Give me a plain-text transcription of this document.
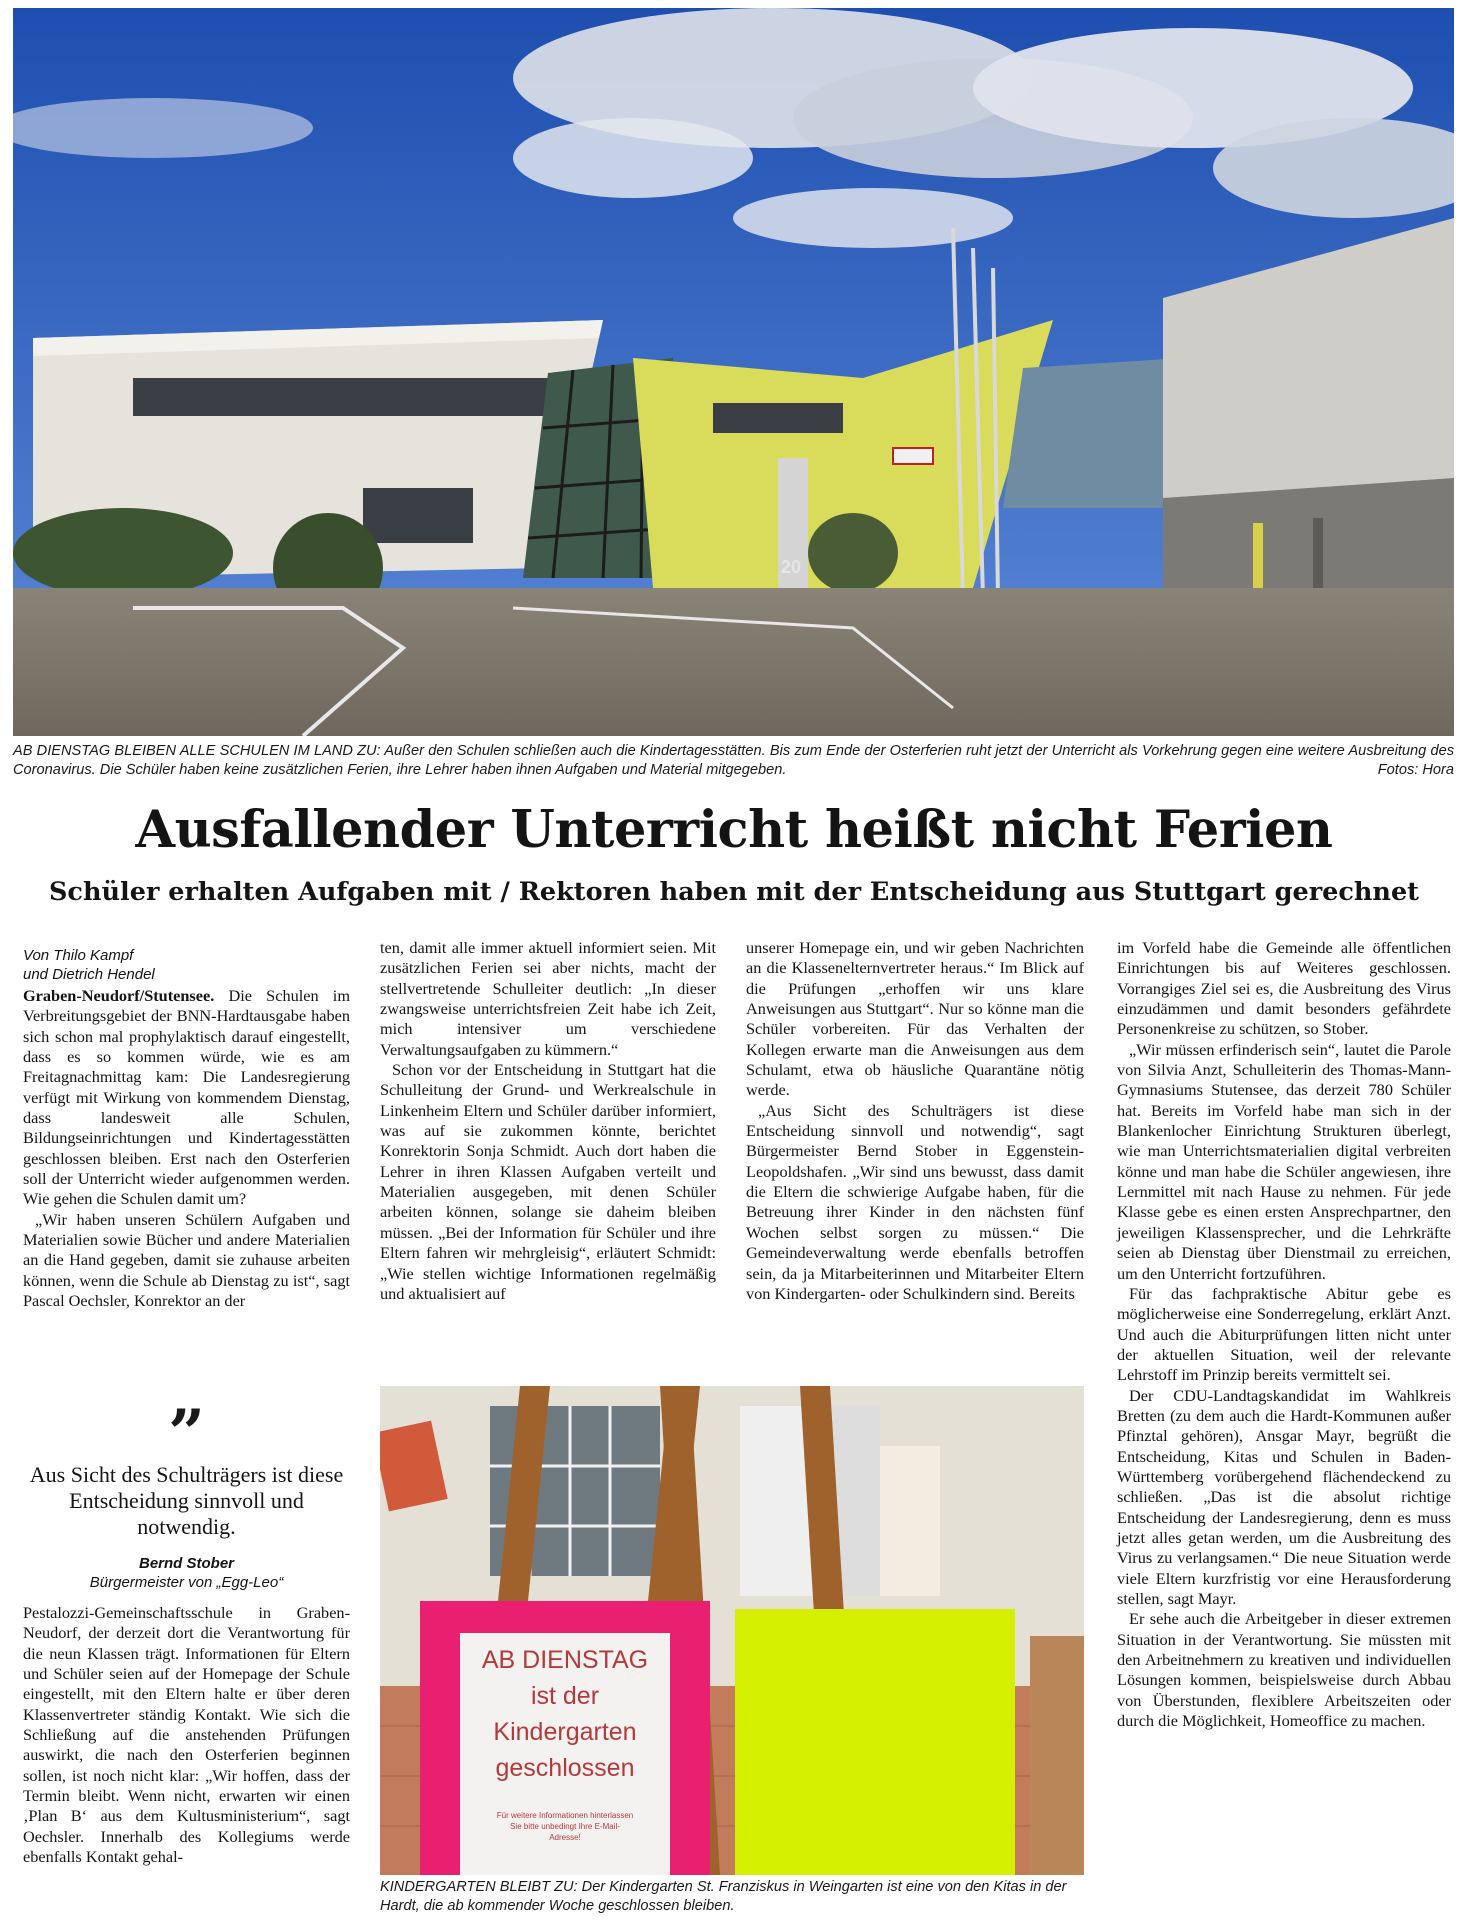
20
AB DIENSTAG BLEIBEN ALLE SCHULEN IM LAND ZU: Außer den Schulen schließen auch die Kindertagesstätten. Bis zum Ende der Osterferien ruht jetzt der Unterricht als Vorkehrung gegen eine weitere Ausbreitung des Coronavirus. Die Schüler haben keine zusätzlichen Ferien, ihre Lehrer haben ihnen Aufgaben und Material mitgegeben.	Fotos: Hora
Ausfallender Unterricht heißt nicht Ferien
Schüler erhalten Aufgaben mit / Rektoren haben mit der Entscheidung aus Stuttgart gerechnet
Von Thilo Kampf
und Dietrich Hendel

Graben-Neudorf/Stutensee. Die Schulen im Verbreitungsgebiet der BNN-Hardtausgabe haben sich schon mal prophylaktisch darauf eingestellt, dass es so kommen würde, wie es am Freitagnachmittag kam: Die Landesregierung verfügt mit Wirkung von kommendem Dienstag, dass landesweit alle Schulen, Bildungseinrichtungen und Kindertagesstätten geschlossen bleiben. Erst nach den Osterferien soll der Unterricht wieder aufgenommen werden. Wie gehen die Schulen damit um?

„Wir haben unseren Schülern Aufgaben und Materialien sowie Bücher und andere Materialien an die Hand gegeben, damit sie zuhause arbeiten können, wenn die Schule ab Dienstag zu ist“, sagt Pascal Oechsler, Konrektor an der

”
Aus Sicht des Schulträgers ist diese Entscheidung sinnvoll und notwendig.
Bernd Stober
Bürgermeister von „Egg-Leo“

Pestalozzi-Gemeinschaftsschule in Graben-Neudorf, der derzeit dort die Verantwortung für die neun Klassen trägt. Informationen für Eltern und Schüler seien auf der Homepage der Schule eingestellt, mit den Eltern halte er über deren Klassenvertreter ständig Kontakt. Wie sich die Schließung auf die anstehenden Prüfungen auswirkt, die nach den Osterferien beginnen sollen, ist noch nicht klar: „Wir hoffen, dass der Termin bleibt. Wenn nicht, erwarten wir einen ‚Plan B‘ aus dem Kultusministerium“, sagt Oechsler. Innerhalb des Kollegiums werde ebenfalls Kontakt gehal-

ten, damit alle immer aktuell informiert seien. Mit zusätzlichen Ferien sei aber nichts, macht der stellvertretende Schulleiter deutlich: „In dieser zwangsweise unterrichtsfreien Zeit habe ich Zeit, mich intensiver um verschiedene Verwaltungsaufgaben zu kümmern.“

Schon vor der Entscheidung in Stuttgart hat die Schulleitung der Grund- und Werkrealschule in Linkenheim Eltern und Schüler darüber informiert, was auf sie zukommen könnte, berichtet Konrektorin Sonja Schmidt. Auch dort haben die Lehrer in ihren Klassen Aufgaben verteilt und Materialien ausgegeben, mit denen Schüler arbeiten können, solange sie daheim bleiben müssen. „Bei der Information für Schüler und ihre Eltern fahren wir mehrgleisig“, erläutert Schmidt: „Wie stellen wichtige Informationen regelmäßig und aktualisiert auf

unserer Homepage ein, und wir geben Nachrichten an die Klassenelternvertreter heraus.“ Im Blick auf die Prüfungen „erhoffen wir uns klare Anweisungen aus Stuttgart“. Nur so könne man die Schüler vorbereiten. Für das Verhalten der Kollegen erwarte man die Anweisungen aus dem Schulamt, etwa ob häusliche Quarantäne nötig werde.

„Aus Sicht des Schulträgers ist diese Entscheidung sinnvoll und notwendig“, sagt Bürgermeister Bernd Stober in Eggenstein-Leopoldshafen. „Wir sind uns bewusst, dass damit die Eltern die schwierige Aufgabe haben, für die Betreuung ihrer Kinder in den nächsten fünf Wochen selbst sorgen zu müssen.“ Die Gemeindeverwaltung werde ebenfalls betroffen sein, da ja Mitarbeiterinnen und Mitarbeiter Eltern von Kindergarten- oder Schulkindern sind. Bereits

im Vorfeld habe die Gemeinde alle öffentlichen Einrichtungen bis auf Weiteres geschlossen. Vorrangiges Ziel sei es, die Ausbreitung des Virus einzudämmen und damit besonders gefährdete Personenkreise zu schützen, so Stober.

„Wir müssen erfinderisch sein“, lautet die Parole von Silvia Anzt, Schulleiterin des Thomas-Mann-Gymnasiums Stutensee, das derzeit 780 Schüler hat. Bereits im Vorfeld habe man sich in der Blankenlocher Einrichtung Strukturen überlegt, wie man Unterrichtsmaterialien digital verbreiten könne und man habe die Schüler angewiesen, ihre Lernmittel mit nach Hause zu nehmen. Für jede Klasse gebe es einen ersten Ansprechpartner, den jeweiligen Klassensprecher, und die Lehrkräfte seien ab Dienstag über Dienstmail zu erreichen, um den Unterricht fortzuführen.

Für das fachpraktische Abitur gebe es möglicherweise eine Sonderregelung, erklärt Anzt. Und auch die Abiturprüfungen litten nicht unter der aktuellen Situation, weil der relevante Lehrstoff im Prinzip bereits vermittelt sei.

Der CDU-Landtagskandidat im Wahlkreis Bretten (zu dem auch die Hardt-Kommunen außer Pfinztal gehören), Ansgar Mayr, begrüßt die Entscheidung, Kitas und Schulen in Baden-Württemberg vorübergehend flächendeckend zu schließen. „Das ist die absolut richtige Entscheidung der Landesregierung, denn es muss jetzt alles getan werden, um die Ausbreitung des Virus zu verlangsamen.“ Die neue Situation werde viele Eltern kurzfristig vor eine Herausforderung stellen, sagt Mayr.

Er sehe auch die Arbeitgeber in dieser extremen Situation in der Verantwortung. Sie müssten mit den Arbeitnehmern zu kreativen und individuellen Lösungen kommen, beispielsweise durch Abbau von Überstunden, flexiblere Arbeitszeiten oder durch die Möglichkeit, Homeoffice zu machen.

AB DIENSTAG
ist der
Kindergarten
geschlossen
Für weitere Informationen hinterlassen
Sie bitte unbedingt Ihre E-Mail-
Adresse!
KINDERGARTEN BLEIBT ZU: Der Kindergarten St. Franziskus in Weingarten ist eine von den Kitas in der Hardt, die ab kommender Woche geschlossen bleiben.
